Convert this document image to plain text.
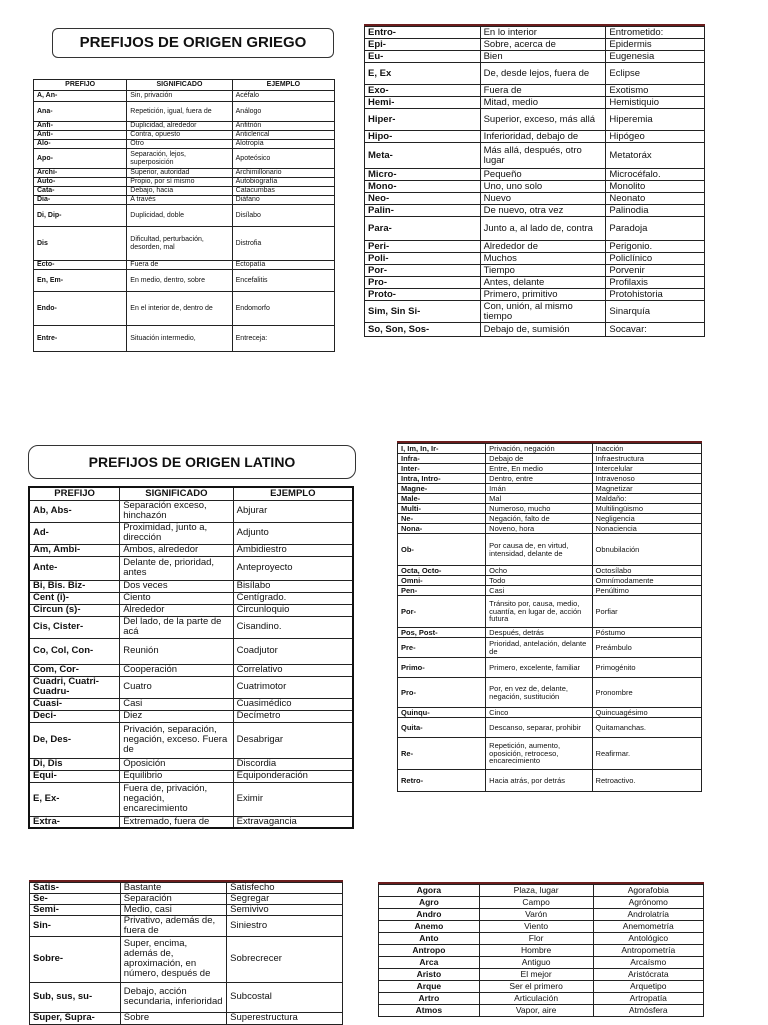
PREFIJOS DE ORIGEN GRIEGO
PREFIJO	SIGNIFICADO	EJEMPLO
A, An-	Sin, privación	Acéfalo
Ana-	Repetición, igual, fuera de	Análogo
Anfi-	Duplicidad, alrededor	Anfitrión
Anti-	Contra, opuesto	Anticlerical
Alo-	Otro	Alotropía
Apo-	Separación, lejos, superposición	Apoteósico
Archi-	Superior, autoridad	Archimillonario
Auto-	Propio, por sí mismo	Autobiografía
Cata-	Debajo, hacia	Catacumbas
Dia-	A través	Diáfano
Di, Dip-	Duplicidad, doble	Disílabo
Dis	Dificultad, perturbación, desorden, mal	Distrofia
Ecto-	Fuera de	Ectopatía
En, Em-	En medio, dentro, sobre	Encefalitis
Endo-	En el interior de, dentro de	Endomorfo
Entre-	Situación intermedio,	Entreceja:
Entro-	En lo interior	Entrometido:
Epi-	Sobre, acerca de	Epidermis
Eu-	Bien	Eugenesia
E, Ex	De, desde lejos, fuera de	Eclipse
Exo-	Fuera de	Exotismo
Hemi-	Mitad, medio	Hemistiquio
Hiper-	Superior, exceso, más allá	Hiperemia
Hipo-	Inferioridad, debajo de	Hipógeo
Meta-	Más allá, después, otro lugar	Metatoráx
Micro-	Pequeño	Microcéfalo.
Mono-	Uno, uno solo	Monolito
Neo-	Nuevo	Neonato
Palin-	De nuevo, otra vez	Palinodia
Para-	Junto a, al lado de, contra	Paradoja
Peri-	Alrededor de	Perigonio.
Poli-	Muchos	Policlínico
Por-	Tiempo	Porvenir
Pro-	Antes, delante	Profilaxis
Proto-	Primero, primitivo	Protohistoria
Sim, Sin Si-	Con, unión, al mismo tiempo	Sinarquía
So, Son, Sos-	Debajo de, sumisión	Socavar:
PREFIJOS DE ORIGEN LATINO
PREFIJO	SIGNIFICADO	EJEMPLO
Ab, Abs-	Separación exceso, hinchazón	Abjurar
Ad-	Proximidad, junto a, dirección	Adjunto
Am, Ambi-	Ambos, alrededor	Ambidiestro
Ante-	Delante de, prioridad, antes	Anteproyecto
Bi, Bis. Biz-	Dos veces	Bisílabo
Cent (i)-	Ciento	Centígrado.
Circun (s)-	Alrededor	Circunloquio
Cis, Cister-	Del lado, de la parte de acá	Cisandino.
Co, Col, Con-	Reunión	Coadjutor
Com, Cor-	Cooperación	Correlativo
Cuadri, Cuatri-Cuadru-	Cuatro	Cuatrimotor
Cuasi-	Casi	Cuasimédico
Deci-	Diez	Decímetro
De, Des-	Privación, separación, negación, exceso. Fuera de	Desabrigar
Di, Dis	Oposición	Discordia
Equi-	Equilibrio	Equiponderación
E, Ex-	Fuera de, privación, negación, encarecimiento	Eximir
Extra-	Extremado, fuera de	Extravagancia
I, Im, In, Ir-	Privación, negación	Inacción
Infra-	Debajo de	Infraestructura
Inter-	Entre, En medio	Intercelular
Intra, Intro-	Dentro, entre	Intravenoso
Magne-	Imán	Magnetizar
Male-	Mal	Maldaño:
Multi-	Numeroso, mucho	Multilingüismo
Ne-	Negación, falto de	Negligencia
Nona-	Noveno, hora	Nonaciencia
Ob-	Por causa de, en virtud, intensidad, delante de	Obnubilación
Octa, Octo-	Ocho	Octosílabo
Omni-	Todo	Omnímodamente
Pen-	Casi	Penúltimo
Por-	Tránsito por, causa, medio, cuantía, en lugar de, acción futura	Porfiar
Pos, Post-	Después, detrás	Póstumo
Pre-	Prioridad, antelación, delante de	Preámbulo
Primo-	Primero, excelente, familiar	Primogénito
Pro-	Por, en vez de, delante, negación, sustitución	Pronombre
Quinqu-	Cinco	Quincuagésimo
Quita-	Descanso, separar, prohibir	Quitamanchas.
Re-	Repetición, aumento, oposición, retroceso, encarecimiento	Reafirmar.
Retro-	Hacia atrás, por detrás	Retroactivo.
Satis-	Bastante	Satisfecho
Se-	Separación	Segregar
Semi-	Medio, casi	Semivivo
Sin-	Privativo, además de, fuera de	Siniestro
Sobre-	Super, encima, además de, aproximación, en número, después de	Sobrecrecer
Sub, sus, su-	Debajo, acción secundaria, inferioridad	Subcostal
Super, Supra-	Sobre	Superestructura
Agora	Plaza, lugar	Agorafobia
Agro	Campo	Agrónomo
Andro	Varón	Androlatría
Anemo	Viento	Anemometría
Anto	Flor	Antológico
Antropo	Hombre	Antropometría
Arca	Antiguo	Arcaísmo
Aristo	El mejor	Aristócrata
Arque	Ser el primero	Arquetipo
Artro	Articulación	Artropatía
Atmos	Vapor, aire	Atmósfera
